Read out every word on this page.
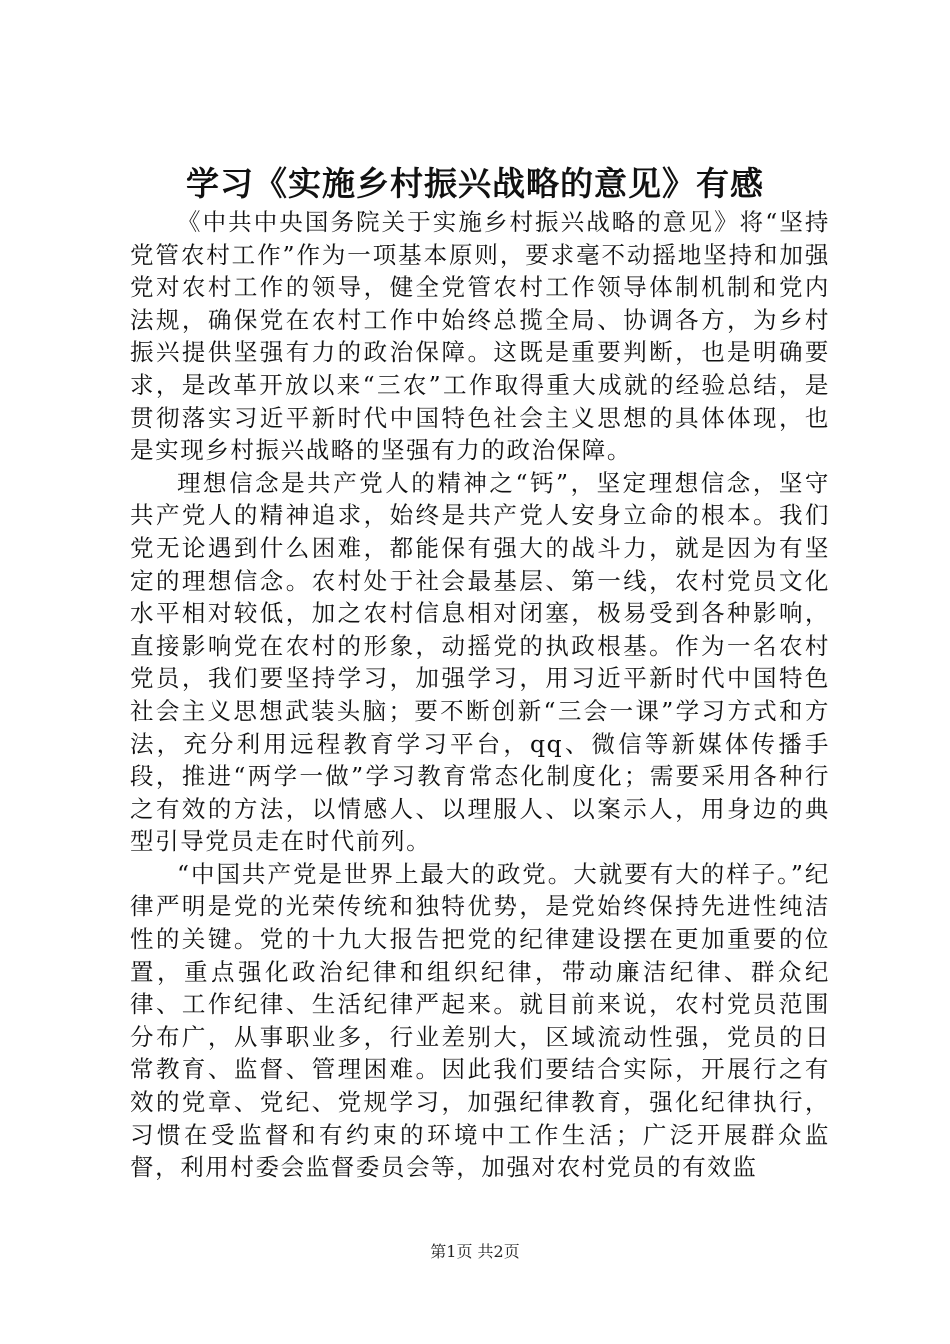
学习《实施乡村振兴战略的意见》有感

《中共中央国务院关于实施乡村振兴战略的意见》将“坚持党管农村工作”作为一项基本原则，要求毫不动摇地坚持和加强党对农村工作的领导，健全党管农村工作领导体制机制和党内法规，确保党在农村工作中始终总揽全局、协调各方，为乡村振兴提供坚强有力的政治保障。这既是重要判断，也是明确要求，是改革开放以来“三农”工作取得重大成就的经验总结，是贯彻落实习近平新时代中国特色社会主义思想的具体体现，也是实现乡村振兴战略的坚强有力的政治保障。

理想信念是共产党人的精神之“钙”，坚定理想信念，坚守共产党人的精神追求，始终是共产党人安身立命的根本。我们党无论遇到什么困难，都能保有强大的战斗力，就是因为有坚定的理想信念。农村处于社会最基层、第一线，农村党员文化水平相对较低，加之农村信息相对闭塞，极易受到各种影响，直接影响党在农村的形象，动摇党的执政根基。作为一名农村党员，我们要坚持学习，加强学习，用习近平新时代中国特色社会主义思想武装头脑；要不断创新“三会一课”学习方式和方法，充分利用远程教育学习平台，qq、微信等新媒体传播手段，推进“两学一做”学习教育常态化制度化；需要采用各种行之有效的方法，以情感人、以理服人、以案示人，用身边的典型引导党员走在时代前列。

“中国共产党是世界上最大的政党。大就要有大的样子。”纪律严明是党的光荣传统和独特优势，是党始终保持先进性纯洁性的关键。党的十九大报告把党的纪律建设摆在更加重要的位置，重点强化政治纪律和组织纪律，带动廉洁纪律、群众纪律、工作纪律、生活纪律严起来。就目前来说，农村党员范围分布广，从事职业多，行业差别大，区域流动性强，党员的日常教育、监督、管理困难。因此我们要结合实际，开展行之有效的党章、党纪、党规学习，加强纪律教育，强化纪律执行，习惯在受监督和有约束的环境中工作生活；广泛开展群众监督，利用村委会监督委员会等，加强对农村党员的有效监

第1页 共2页
